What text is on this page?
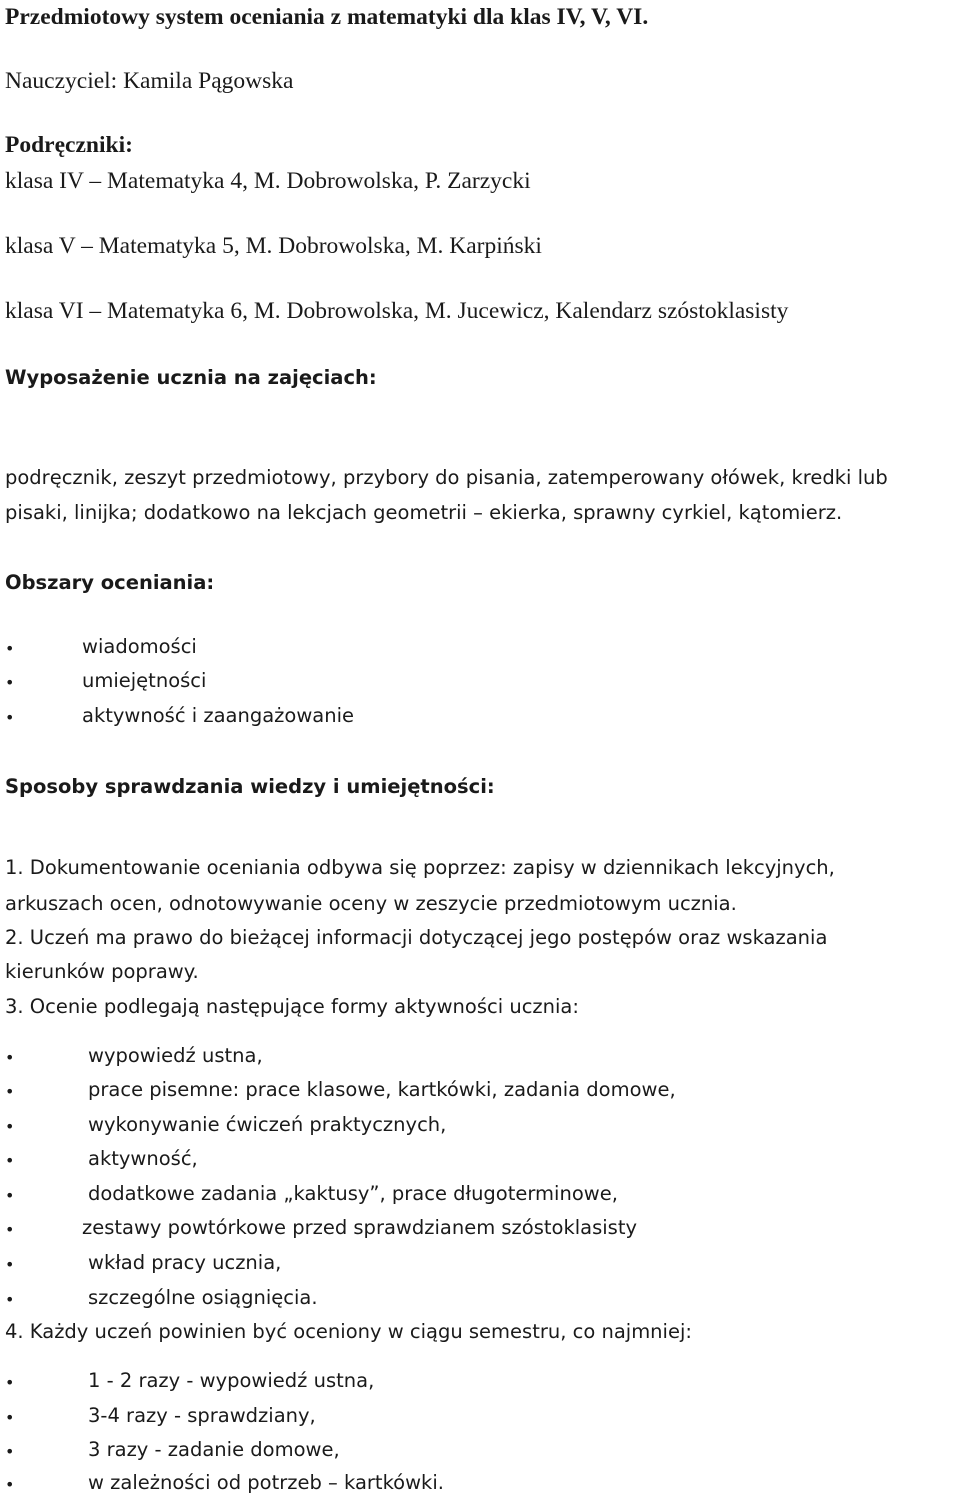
Przedmiotowy system oceniania z matematyki dla klas IV, V, VI.
Nauczyciel: Kamila Pągowska
Podręczniki:
klasa IV – Matematyka 4, M. Dobrowolska, P. Zarzycki
klasa V – Matematyka 5, M. Dobrowolska, M. Karpiński
klasa VI – Matematyka 6, M. Dobrowolska, M. Jucewicz, Kalendarz szóstoklasisty
Wyposażenie ucznia na zajęciach:
podręcznik, zeszyt przedmiotowy, przybory do pisania, zatemperowany ołówek, kredki lub
pisaki, linijka; dodatkowo na lekcjach geometrii – ekierka, sprawny cyrkiel, kątomierz.
Obszary oceniania:
•	wiadomości
•	umiejętności
•	aktywność i zaangażowanie
Sposoby sprawdzania wiedzy i umiejętności:
1. Dokumentowanie oceniania odbywa się poprzez: zapisy w dziennikach lekcyjnych,
arkuszach ocen, odnotowywanie oceny w zeszycie przedmiotowym ucznia.
2. Uczeń ma prawo do bieżącej informacji dotyczącej jego postępów oraz wskazania
kierunków poprawy.
3. Ocenie podlegają następujące formy aktywności ucznia:
•	wypowiedź ustna,
•	prace pisemne: prace klasowe, kartkówki, zadania domowe,
•	wykonywanie ćwiczeń praktycznych,
•	aktywność,
•	dodatkowe zadania „kaktusy”, prace długoterminowe,
•	zestawy powtórkowe przed sprawdzianem szóstoklasisty
•	wkład pracy ucznia,
•	szczególne osiągnięcia.
4. Każdy uczeń powinien być oceniony w ciągu semestru, co najmniej:
•	1 - 2 razy - wypowiedź ustna,
•	3-4 razy - sprawdziany,
•	3 razy - zadanie domowe,
•	w zależności od potrzeb – kartkówki.
